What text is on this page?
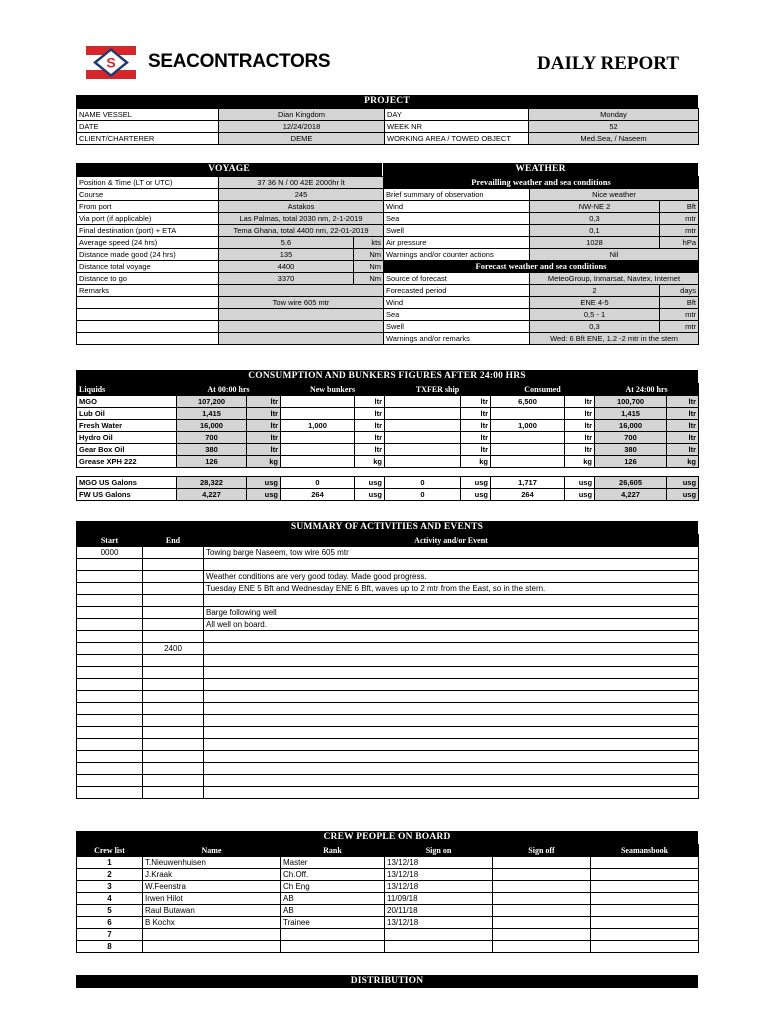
S SEACONTRACTORS	DAILY REPORT
PROJECT
NAME VESSEL	Dian Kingdom	DAY	Monday
DATE	12/24/2018	WEEK NR	52
CLIENT/CHARTERER	DEME	WORKING AREA / TOWED OBJECT	Med.Sea, / Naseem
VOYAGE
Position & Time (LT or UTC)	37 36 N / 00 42E 2000hr lt	
Course	245	
From port	Astakos	
Via port (if applicable)	Las Palmas, total 2030 nm, 2-1-2019	
Final destination (port) + ETA	Tema Ghana, total 4400 nm, 22-01-2019	
Average speed (24 hrs)	5.6	kts
Distance made good (24 hrs)	135	Nm
Distance total voyage	4400	Nm
Distance to go	3370	Nm
Remarks		
	Tow wire 605 mtr	

WEATHER
Prevailling weather and sea conditions		
Brief summary of observation	Nice weather	
Wind	NW-NE 2	Bft
Sea	0,3	mtr
Swell	0,1	mtr
Air pressure	1028	hPa
Warnings and/or counter actions	Nil	
Forecast weather and sea conditions		
Source of forecast	MeteoGroup, Inmarsat, Navtex, Internet	
Forecasted period	2	days
Wind	ENE 4-5	Bft
Sea	0,5 - 1	mtr
Swell	0,3	mtr
Warnings and/or remarks	Wed: 6 Bft ENE, 1.2 -2 mtr in the stern	
CONSUMPTION AND BUNKERS FIGURES AFTER 24:00 HRS
Liquids	At 00:00 hrs		New bunkers		TXFER ship		Consumed		At 24:00 hrs	
MGO	107,200	ltr		ltr		ltr	6,500	ltr	100,700	ltr
Lub Oil	1,415	ltr		ltr		ltr		ltr	1,415	ltr
Fresh Water	16,000	ltr	1,000	ltr		ltr	1,000	ltr	16,000	ltr
Hydro Oil	700	ltr		ltr		ltr		ltr	700	ltr
Gear Box Oil	380	ltr		ltr		ltr		ltr	380	ltr
Grease XPH 222	126	kg		kg		kg		kg	126	kg

MGO US Galons	28,322	usg	0	usg	0	usg	1,717	usg	26,605	usg
FW US Galons	4,227	usg	264	usg	0	usg	264	usg	4,227	usg
SUMMARY OF ACTIVITIES AND EVENTS
Start	End	Activity and/or Event
0000		Towing barge Naseem, tow wire 605 mtr

		Weather conditions are very good today. Made good progress.
		Tuesday ENE 5 Bft and Wednesday ENE 6 Bft, waves up to 2 mtr from the East, so in the stern.

		Barge following well
		All well on board.

	2400	

CREW PEOPLE ON BOARD
Crew list	Name	Rank	Sign on	Sign off	Seamansbook
1	T.Nieuwenhuisen	Master	13/12/18		
2	J.Kraak	Ch.Off.	13/12/18		
3	W.Feenstra	Ch Eng	13/12/18		
4	Irwen Hilot	AB	11/09/18		
5	Raul Butawan	AB	20/11/18		
6	B Kochx	Trainee	13/12/18		
7					
8					
DISTRIBUTION
